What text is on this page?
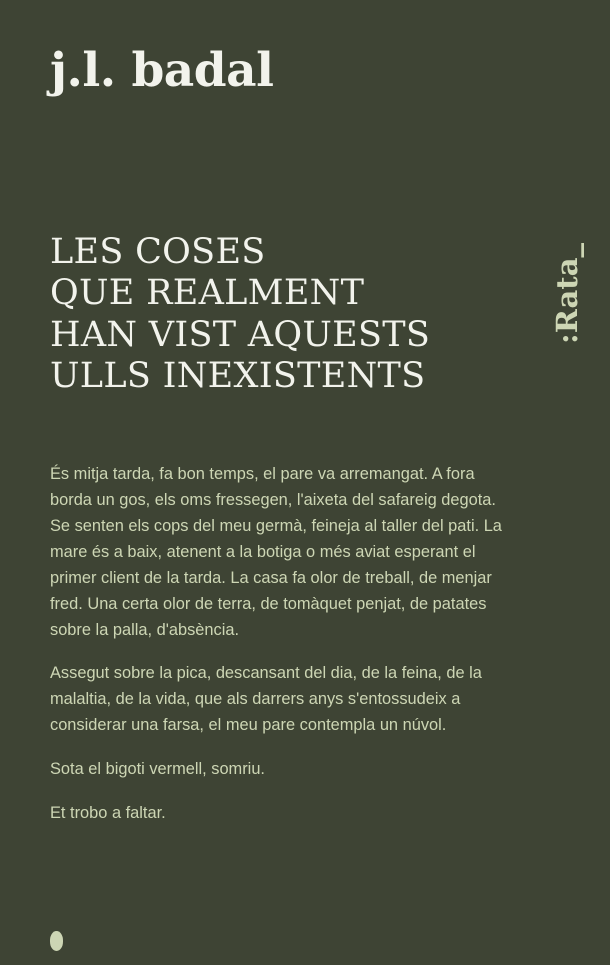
j.l. badal
LES COSES
QUE REALMENT
HAN VIST AQUESTS
ULLS INEXISTENTS
:Rata_

És mitja tarda, fa bon temps, el pare va arremangat. A fora borda un gos, els oms fressegen, l'aixeta del safareig degota. Se senten els cops del meu germà, feineja al taller del pati. La mare és a baix, atenent a la botiga o més aviat esperant el primer client de la tarda. La casa fa olor de treball, de menjar fred. Una certa olor de terra, de tomàquet penjat, de patates sobre la palla, d'absència.

Assegut sobre la pica, descansant del dia, de la feina, de la malaltia, de la vida, que als darrers anys s'entossudeix a considerar una farsa, el meu pare contempla un núvol.

Sota el bigoti vermell, somriu.

Et trobo a faltar.
